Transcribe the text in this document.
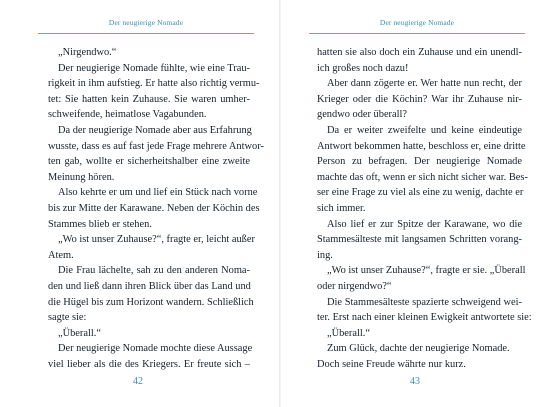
Der neugierige Nomade
„Nirgendwo.“
Der neugierige Nomade fühlte, wie eine Trau-
rigkeit in ihm aufstieg. Er hatte also richtig vermu-
tet: Sie hatten kein Zuhause. Sie waren umher-
schweifende, heimatlose Vagabunden.
Da der neugierige Nomade aber aus Erfahrung
wusste, dass es auf fast jede Frage mehrere Antwor-
ten gab, wollte er sicherheitshalber eine zweite
Meinung hören.
Also kehrte er um und lief ein Stück nach vorne
bis zur Mitte der Karawane. Neben der Köchin des
Stammes blieb er stehen.
„Wo ist unser Zuhause?“, fragte er, leicht außer
Atem.
Die Frau lächelte, sah zu den anderen Noma-
den und ließ dann ihren Blick über das Land und
die Hügel bis zum Horizont wandern. Schließlich
sagte sie:
„Überall.“
Der neugierige Nomade mochte diese Aussage
viel lieber als die des Kriegers. Er freute sich –
42
Der neugierige Nomade
hatten sie also doch ein Zuhause und ein unendl-
ich großes noch dazu!
Aber dann zögerte er. Wer hatte nun recht, der
Krieger oder die Köchin? War ihr Zuhause nir-
gendwo oder überall?
Da er weiter zweifelte und keine eindeutige
Antwort bekommen hatte, beschloss er, eine dritte
Person zu befragen. Der neugierige Nomade
machte das oft, wenn er sich nicht sicher war. Bes-
ser eine Frage zu viel als eine zu wenig, dachte er
sich immer.
Also lief er zur Spitze der Karawane, wo die
Stammesälteste mit langsamen Schritten vorang-
ing.
„Wo ist unser Zuhause?“, fragte er sie. „Überall
oder nirgendwo?“
Die Stammesälteste spazierte schweigend wei-
ter. Erst nach einer kleinen Ewigkeit antwortete sie:
„Überall.“
Zum Glück, dachte der neugierige Nomade.
Doch seine Freude währte nur kurz.
43
